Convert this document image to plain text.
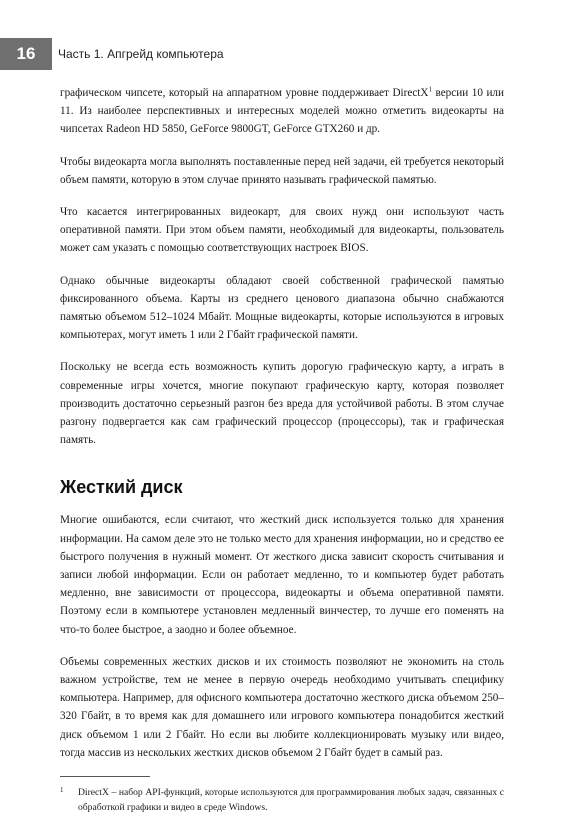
16	Часть 1. Апгрейд компьютера

графическом чипсете, который на аппаратном уровне поддерживает DirectX$^1$ версии 10 или 11. Из наиболее перспективных и интересных моделей можно отметить видеокарты на чипсетах Radeon HD 5850, GeForce 9800GT, GeForce GTX260 и др.

Чтобы видеокарта могла выполнять поставленные перед ней задачи, ей требуется некоторый объем памяти, которую в этом случае принято называть графической памятью.

Что касается интегрированных видеокарт, для своих нужд они используют часть оперативной памяти. При этом объем памяти, необходимый для видеокарты, пользователь может сам указать с помощью соответствующих настроек BIOS.

Однако обычные видеокарты обладают своей собственной графической памятью фиксированного объема. Карты из среднего ценового диапазона обычно снабжаются памятью объемом 512–1024 Мбайт. Мощные видеокарты, которые используются в игровых компьютерах, могут иметь 1 или 2 Гбайт графической памяти.

Поскольку не всегда есть возможность купить дорогую графическую карту, а играть в современные игры хочется, многие покупают графическую карту, которая позволяет производить достаточно серьезный разгон без вреда для устойчивой работы. В этом случае разгону подвергается как сам графический процессор (процессоры), так и графическая память.

Жесткий диск

Многие ошибаются, если считают, что жесткий диск используется только для хранения информации. На самом деле это не только место для хранения информации, но и средство ее быстрого получения в нужный момент. От жесткого диска зависит скорость считывания и записи любой информации. Если он работает медленно, то и компьютер будет работать медленно, вне зависимости от процессора, видеокарты и объема оперативной памяти. Поэтому если в компьютере установлен медленный винчестер, то лучше его поменять на что-то более быстрое, а заодно и более объемное.

Объемы современных жестких дисков и их стоимость позволяют не экономить на столь важном устройстве, тем не менее в первую очередь необходимо учитывать специфику компьютера. Например, для офисного компьютера достаточно жесткого диска объемом 250–320 Гбайт, в то время как для домашнего или игрового компьютера понадобится жесткий диск объемом 1 или 2 Гбайт. Но если вы любите коллекционировать музыку или видео, тогда массив из нескольких жестких дисков объемом 2 Гбайт будет в самый раз.

1 DirectX – набор API-функций, которые используются для программирования любых задач, связанных с обработкой графики и видео в среде Windows.
